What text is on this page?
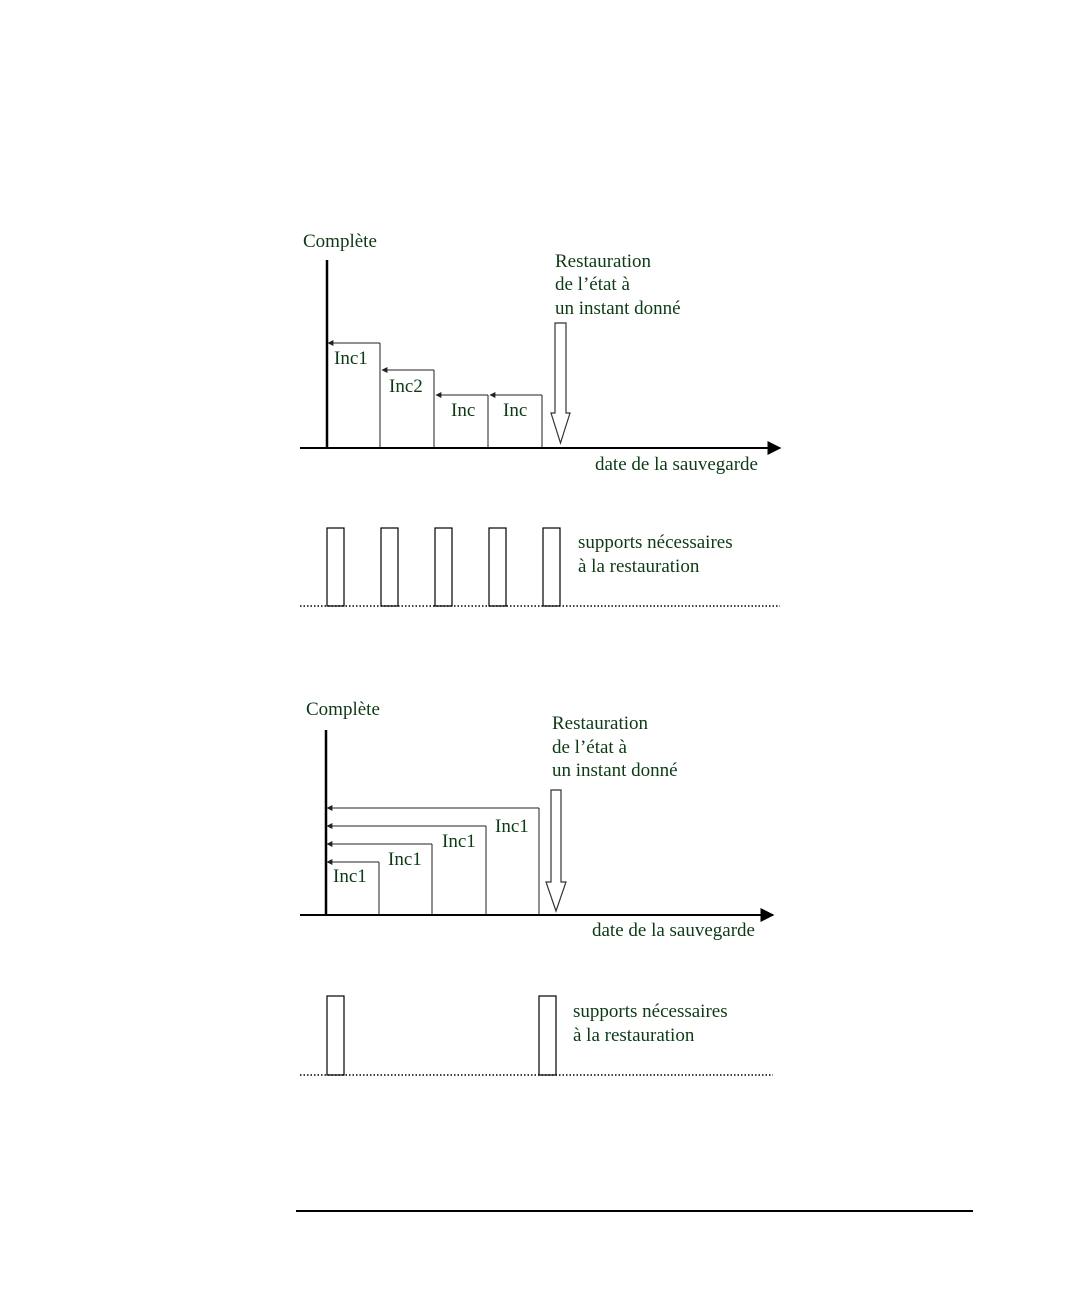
Complète
Inc1
Inc2
Inc Inc
Restauration
de l’état à
un instant donné
date de la sauvegarde
supports nécessaires
à la restauration
Complète
Inc1
Inc1
Inc1
Inc1
Restauration
de l’état à
un instant donné
date de la sauvegarde
supports nécessaires
à la restauration
